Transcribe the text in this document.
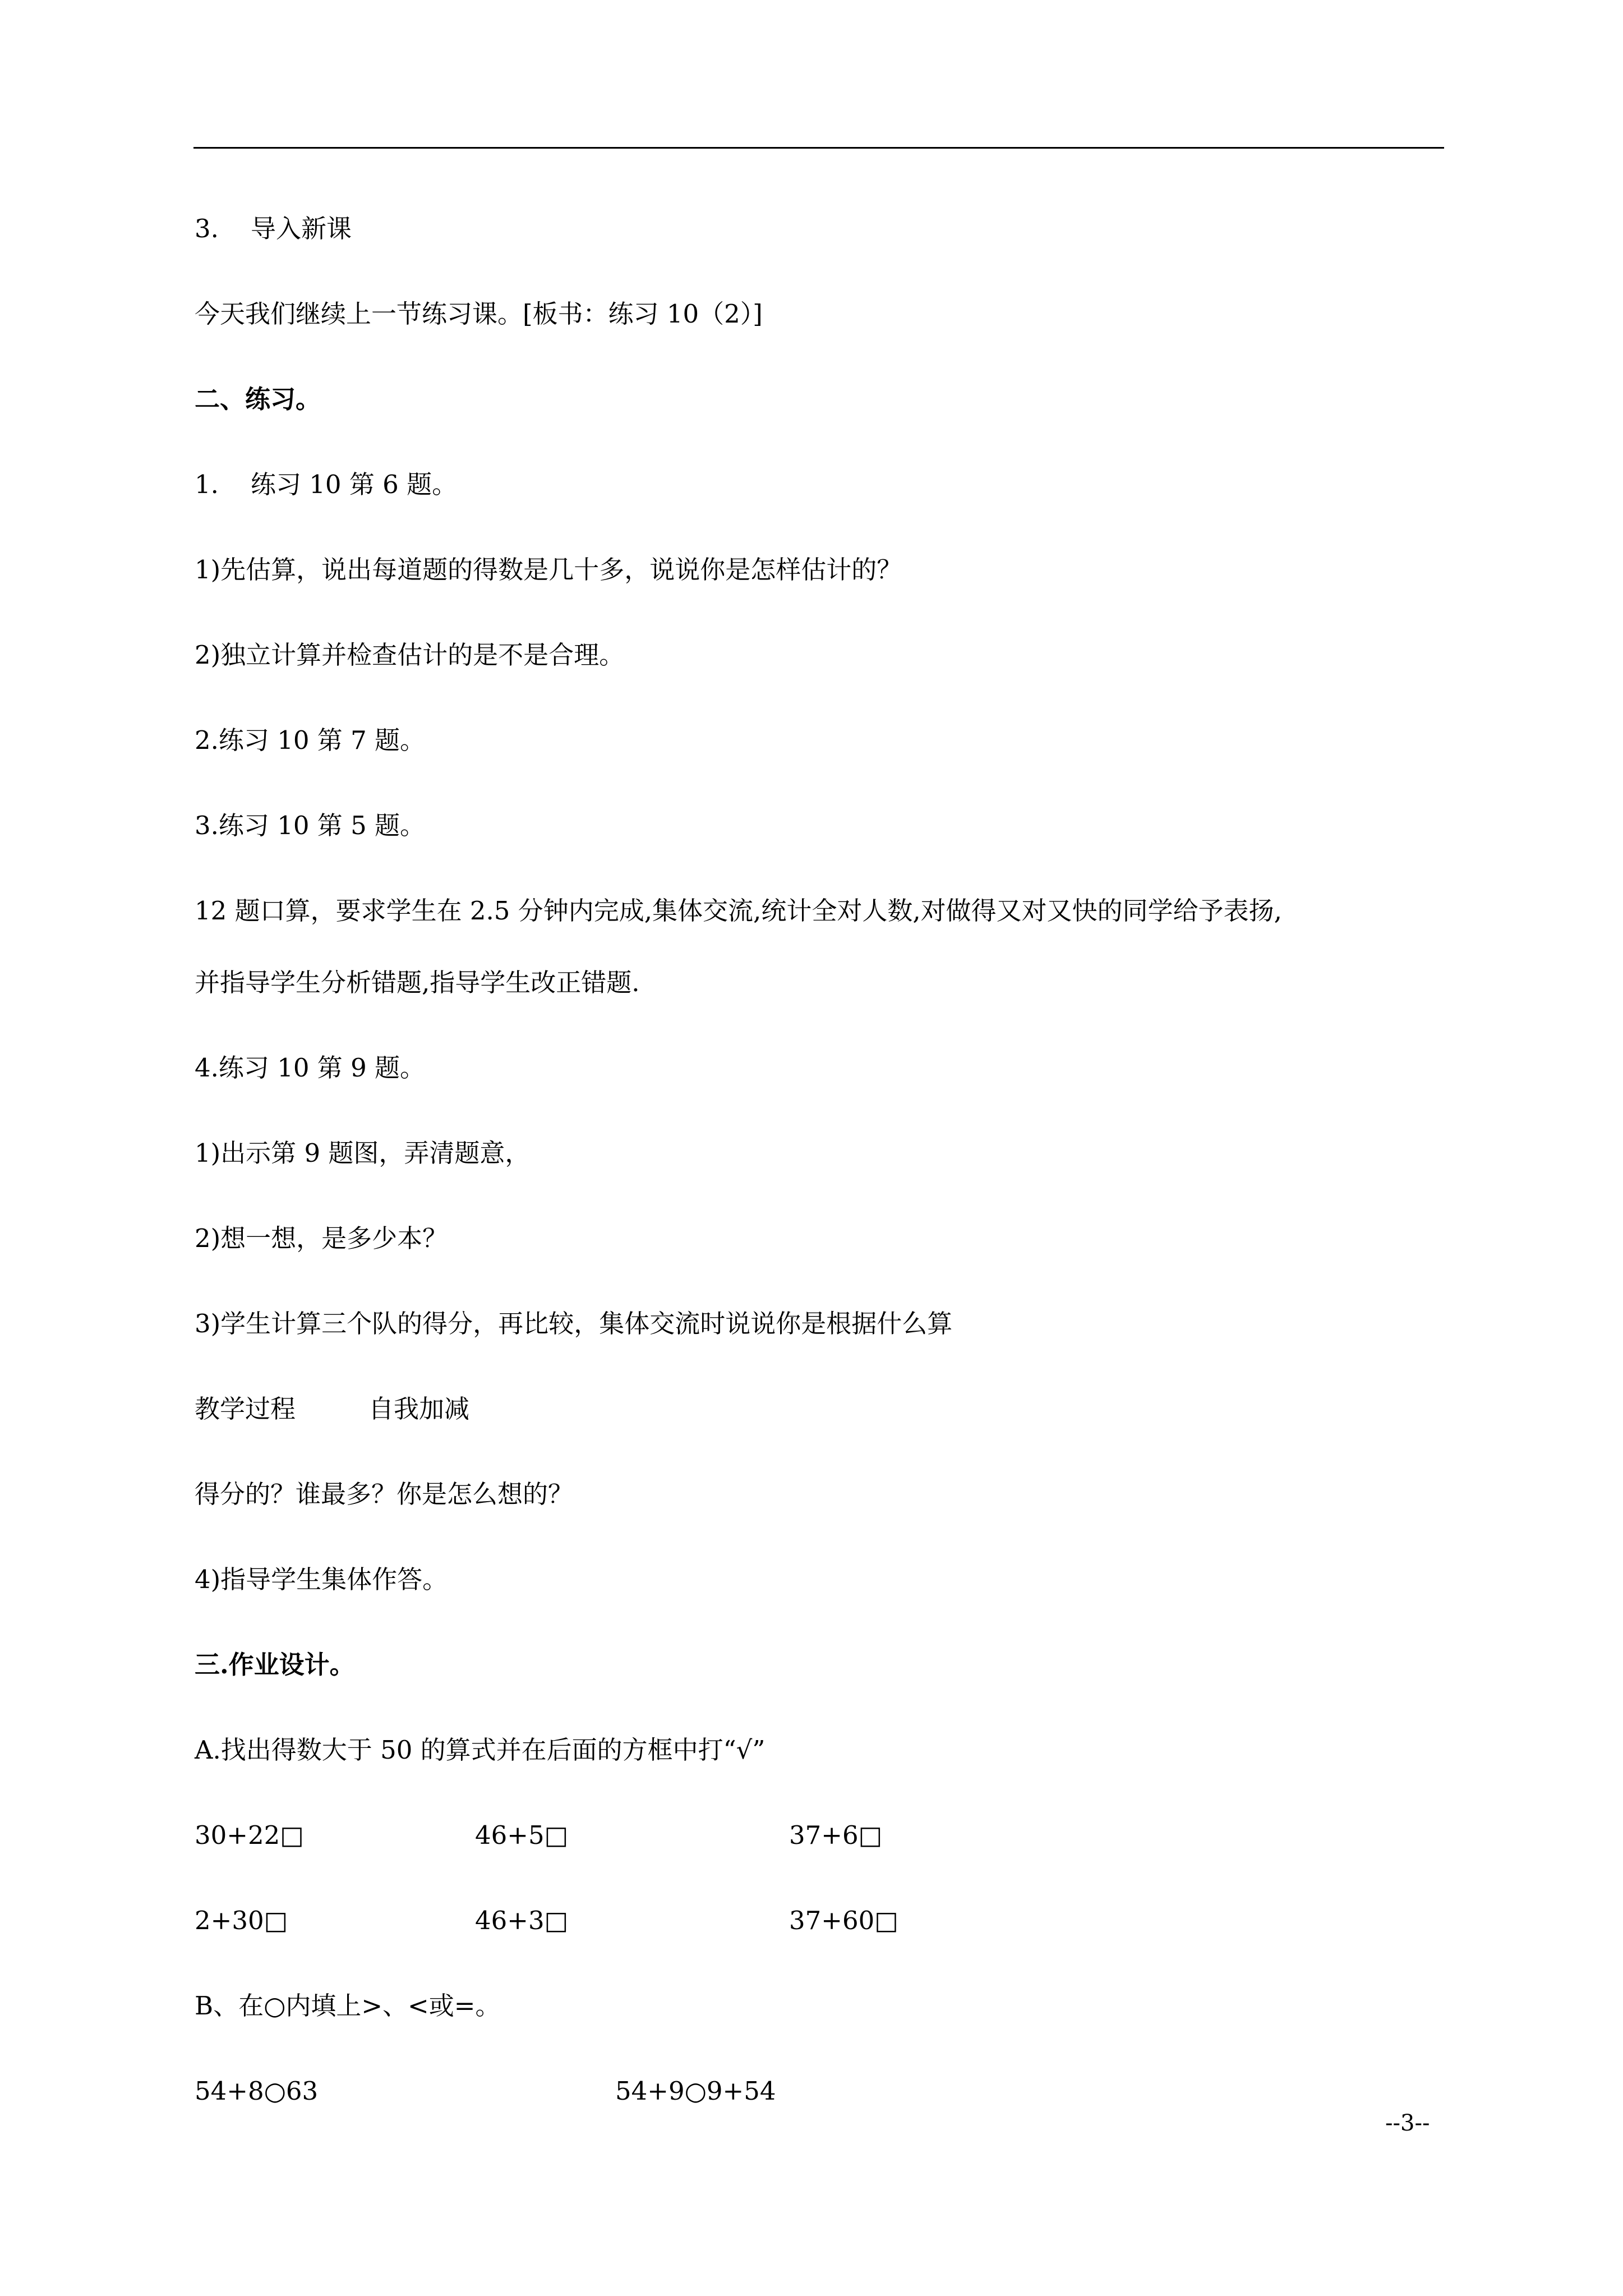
3. 导入新课
今天我们继续上一节练习课。[板书：练习 10（2）]
二、练习。
1. 练习 10 第 6 题。
1)先估算，说出每道题的得数是几十多，说说你是怎样估计的？
2)独立计算并检查估计的是不是合理。
2.练习 10 第 7 题。
3.练习 10 第 5 题。
12 题口算，要求学生在 2.5 分钟内完成,集体交流,统计全对人数,对做得又对又快的同学给予表扬,
并指导学生分析错题,指导学生改正错题.
4.练习 10 第 9 题。
1)出示第 9 题图，弄清题意，
2)想一想，是多少本？
3)学生计算三个队的得分，再比较，集体交流时说说你是根据什么算
教学过程	自我加减
得分的？谁最多？你是怎么想的？
4)指导学生集体作答。
三.作业设计。
A.找出得数大于 50 的算式并在后面的方框中打“√”
30+22□	46+5□	37+6□
2+30□	46+3□	37+60□
B、在○内填上>、<或=。
54+8○63	54+9○9+54
--3--
